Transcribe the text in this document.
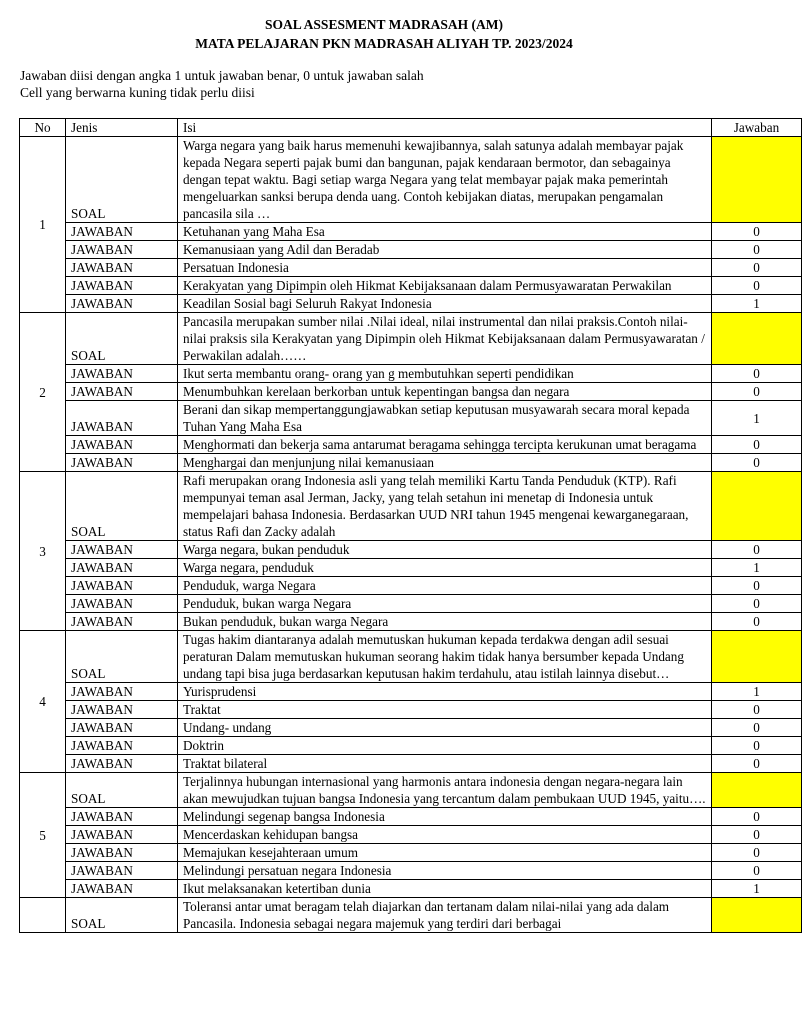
SOAL ASSESMENT MADRASAH (AM)
MATA PELAJARAN PKN MADRASAH ALIYAH TP. 2023/2024
Jawaban diisi dengan angka 1 untuk jawaban benar, 0 untuk jawaban salah
Cell yang berwarna kuning tidak perlu diisi
No	Jenis	Isi	Jawaban
1	SOAL	Warga negara yang baik harus memenuhi kewajibannya, salah satunya adalah membayar pajak kepada Negara seperti pajak bumi dan bangunan, pajak kendaraan bermotor, dan sebagainya dengan tepat waktu. Bagi setiap warga Negara yang telat membayar pajak maka pemerintah mengeluarkan sanksi berupa denda uang. Contoh kebijakan diatas, merupakan pengamalan pancasila sila …	
	JAWABAN	Ketuhanan yang Maha Esa	0
	JAWABAN	Kemanusiaan yang Adil dan Beradab	0
	JAWABAN	Persatuan Indonesia	0
	JAWABAN	Kerakyatan yang Dipimpin oleh Hikmat Kebijaksanaan dalam Permusyawaratan Perwakilan	0
	JAWABAN	Keadilan Sosial bagi Seluruh Rakyat Indonesia	1
2	SOAL	Pancasila merupakan sumber nilai .Nilai ideal, nilai instrumental dan nilai praksis.Contoh nilai- nilai praksis sila Kerakyatan yang Dipimpin oleh Hikmat Kebijaksanaan dalam Permusyawaratan / Perwakilan adalah……	
	JAWABAN	Ikut serta membantu orang- orang yan g membutuhkan seperti pendidikan	0
	JAWABAN	Menumbuhkan kerelaan berkorban untuk kepentingan bangsa dan negara	0
	JAWABAN	Berani dan sikap mempertanggungjawabkan setiap keputusan musyawarah secara moral kepada Tuhan Yang Maha Esa	1
	JAWABAN	Menghormati dan bekerja sama antarumat beragama sehingga tercipta kerukunan umat beragama	0
	JAWABAN	Menghargai dan menjunjung nilai kemanusiaan	0
3	SOAL	Rafi merupakan orang Indonesia asli yang telah memiliki Kartu Tanda Penduduk (KTP). Rafi mempunyai teman asal Jerman, Jacky, yang telah setahun ini menetap di Indonesia untuk mempelajari bahasa Indonesia. Berdasarkan UUD NRI tahun 1945 mengenai kewarganegaraan, status Rafi dan Zacky adalah	
	JAWABAN	Warga negara, bukan penduduk	0
	JAWABAN	Warga negara, penduduk	1
	JAWABAN	Penduduk, warga Negara	0
	JAWABAN	Penduduk, bukan warga Negara	0
	JAWABAN	Bukan penduduk, bukan warga Negara	0
4	SOAL	Tugas hakim diantaranya adalah memutuskan hukuman kepada terdakwa dengan adil sesuai peraturan Dalam memutuskan hukuman seorang hakim tidak hanya bersumber kepada Undang undang tapi bisa juga berdasarkan keputusan hakim terdahulu, atau istilah lainnya disebut…	
	JAWABAN	Yurisprudensi	1
	JAWABAN	Traktat	0
	JAWABAN	Undang- undang	0
	JAWABAN	Doktrin	0
	JAWABAN	Traktat bilateral	0
5	SOAL	Terjalinnya hubungan internasional yang harmonis antara indonesia dengan negara-negara lain akan mewujudkan tujuan bangsa Indonesia yang tercantum dalam pembukaan UUD 1945, yaitu….	
	JAWABAN	Melindungi segenap bangsa Indonesia	0
	JAWABAN	Mencerdaskan kehidupan bangsa	0
	JAWABAN	Memajukan kesejahteraan umum	0
	JAWABAN	Melindungi persatuan negara Indonesia	0
	JAWABAN	Ikut melaksanakan ketertiban dunia	1
	SOAL	Toleransi antar umat beragam telah diajarkan dan tertanam dalam nilai-nilai yang ada dalam Pancasila. Indonesia sebagai negara majemuk yang terdiri dari berbagai	
